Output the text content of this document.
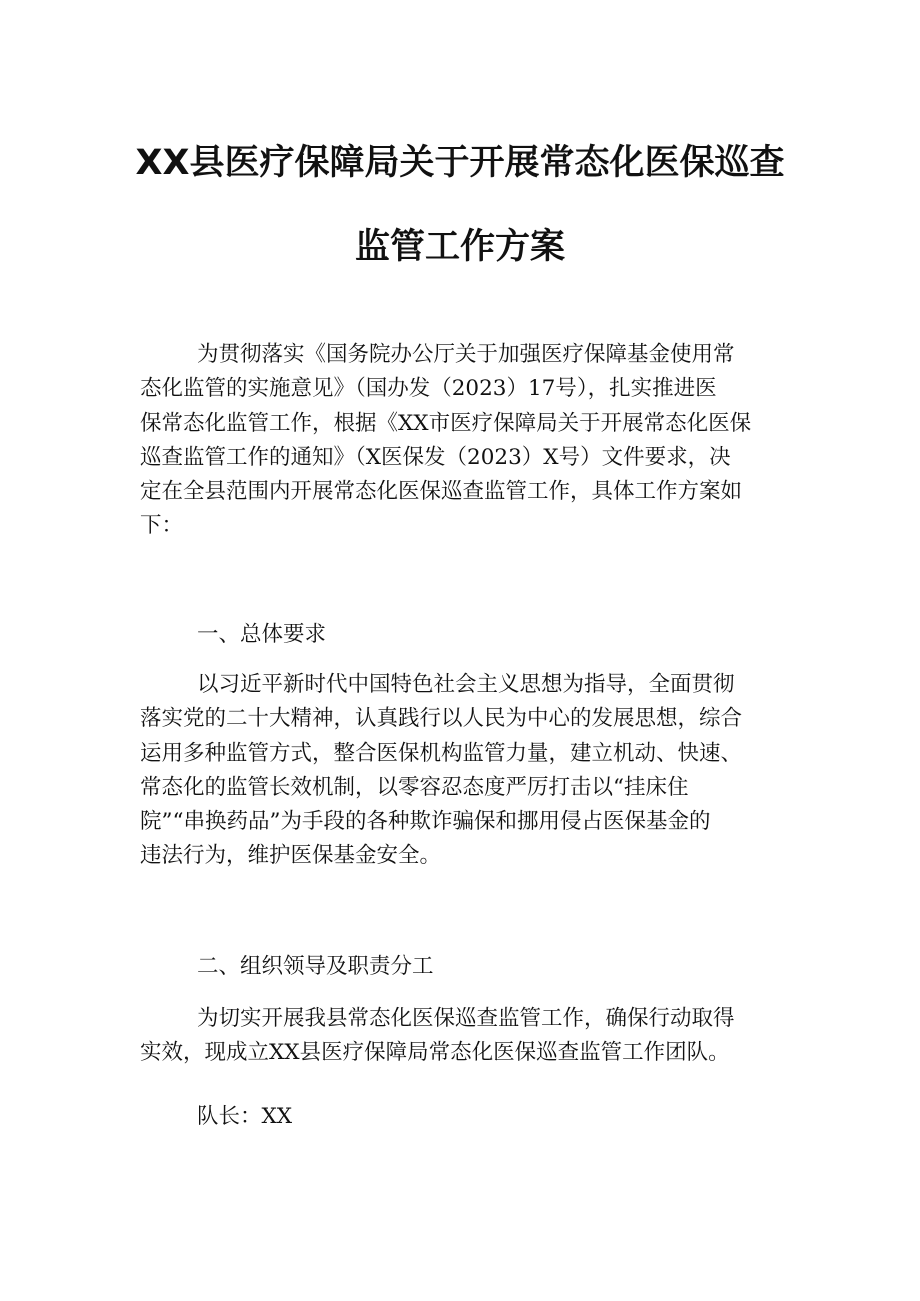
XX县医疗保障局关于开展常态化医保巡查
监管工作方案
为贯彻落实《国务院办公厅关于加强医疗保障基金使用常
态化监管的实施意见》（国办发（2023）17号），扎实推进医
保常态化监管工作，根据《XX市医疗保障局关于开展常态化医保
巡查监管工作的通知》（X医保发（2023）X号）文件要求，决
定在全县范围内开展常态化医保巡查监管工作，具体工作方案如
下：
一、总体要求
以习近平新时代中国特色社会主义思想为指导，全面贯彻
落实党的二十大精神，认真践行以人民为中心的发展思想，综合
运用多种监管方式，整合医保机构监管力量，建立机动、快速、
常态化的监管长效机制，以零容忍态度严厉打击以“挂床住
院”“串换药品”为手段的各种欺诈骗保和挪用侵占医保基金的
违法行为，维护医保基金安全。
二、组织领导及职责分工
为切实开展我县常态化医保巡查监管工作，确保行动取得
实效，现成立XX县医疗保障局常态化医保巡查监管工作团队。
队长：XX
